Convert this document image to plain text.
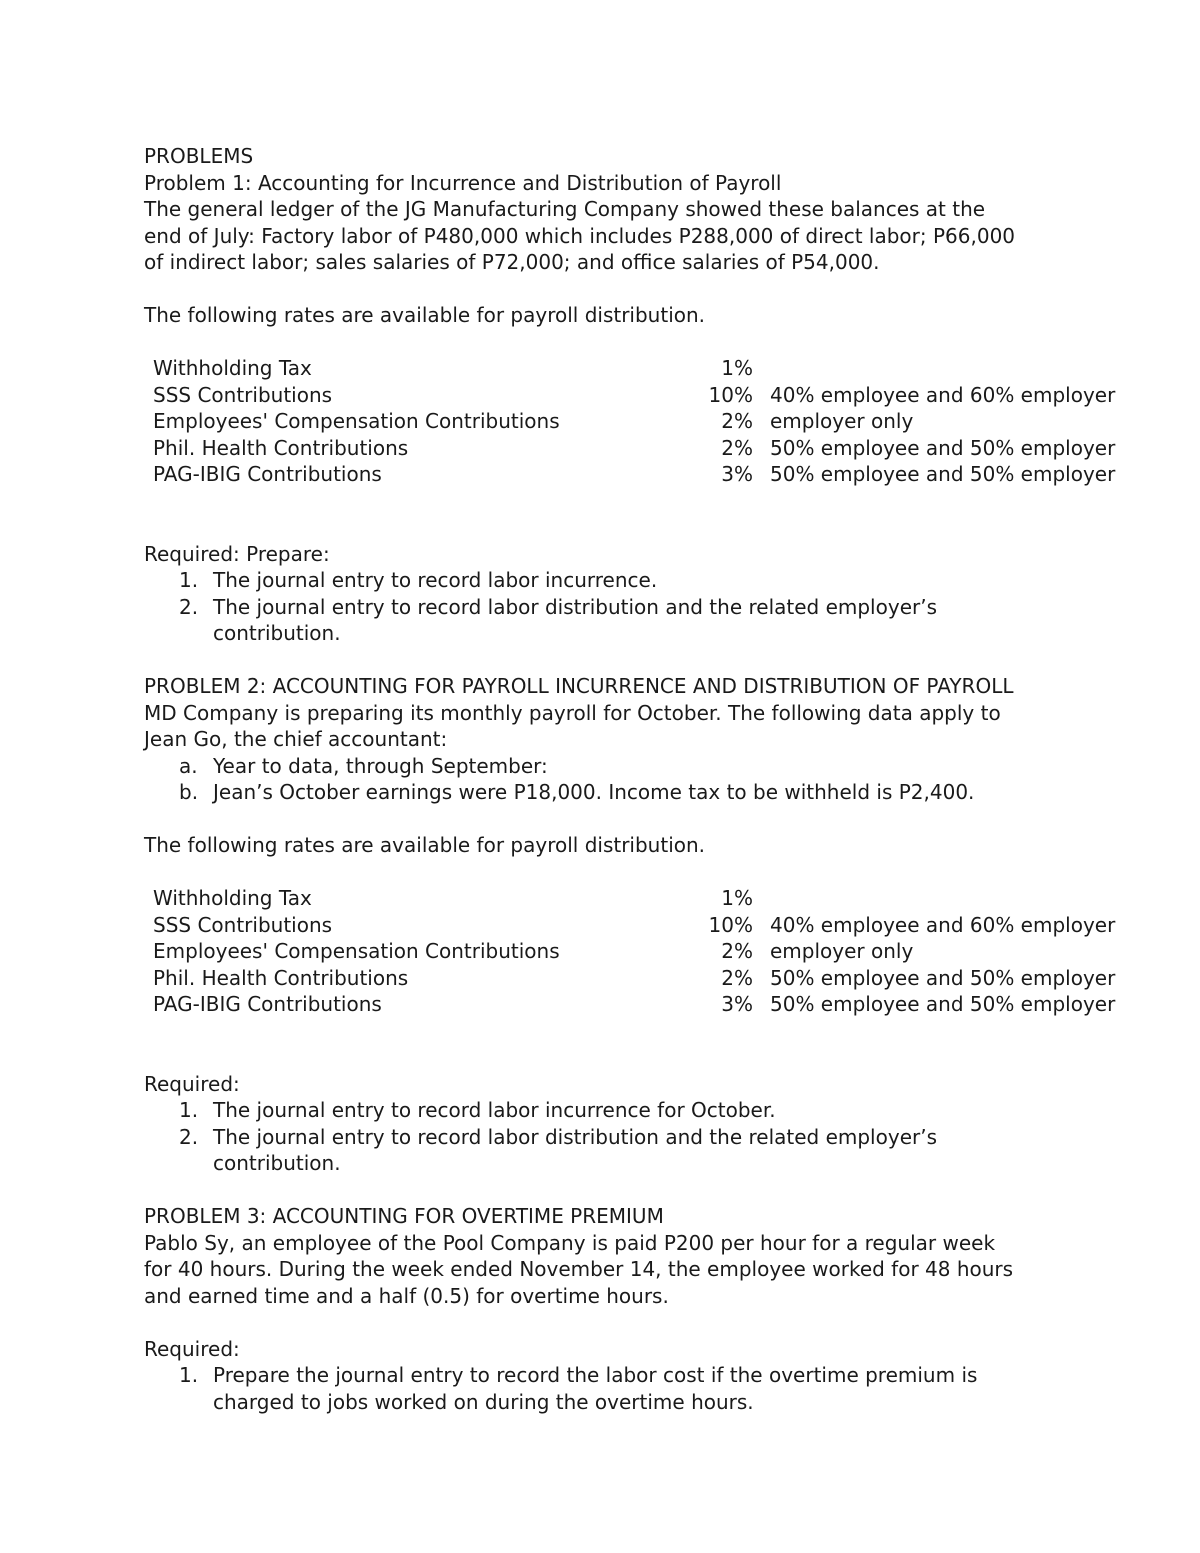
PROBLEMS
Problem 1: Accounting for Incurrence and Distribution of Payroll
The general ledger of the JG Manufacturing Company showed these balances at the
end of July: Factory labor of P480,000 which includes P288,000 of direct labor; P66,000
of indirect labor; sales salaries of P72,000; and office salaries of P54,000.
The following rates are available for payroll distribution.
Withholding Tax	1%
SSS Contributions	10% 40% employee and 60% employer
Employees' Compensation Contributions	2% employer only
Phil. Health Contributions	2% 50% employee and 50% employer
PAG-IBIG Contributions	3% 50% employee and 50% employer
Required: Prepare:
1. The journal entry to record labor incurrence.
2. The journal entry to record labor distribution and the related employer’s
contribution.
PROBLEM 2: ACCOUNTING FOR PAYROLL INCURRENCE AND DISTRIBUTION OF PAYROLL
MD Company is preparing its monthly payroll for October. The following data apply to
Jean Go, the chief accountant:
a. Year to data, through September:
b. Jean’s October earnings were P18,000. Income tax to be withheld is P2,400.
The following rates are available for payroll distribution.
Withholding Tax	1%
SSS Contributions	10% 40% employee and 60% employer
Employees' Compensation Contributions	2% employer only
Phil. Health Contributions	2% 50% employee and 50% employer
PAG-IBIG Contributions	3% 50% employee and 50% employer
Required:
1. The journal entry to record labor incurrence for October.
2. The journal entry to record labor distribution and the related employer’s
contribution.
PROBLEM 3: ACCOUNTING FOR OVERTIME PREMIUM
Pablo Sy, an employee of the Pool Company is paid P200 per hour for a regular week
for 40 hours. During the week ended November 14, the employee worked for 48 hours
and earned time and a half (0.5) for overtime hours.
Required:
1. Prepare the journal entry to record the labor cost if the overtime premium is
charged to jobs worked on during the overtime hours.
